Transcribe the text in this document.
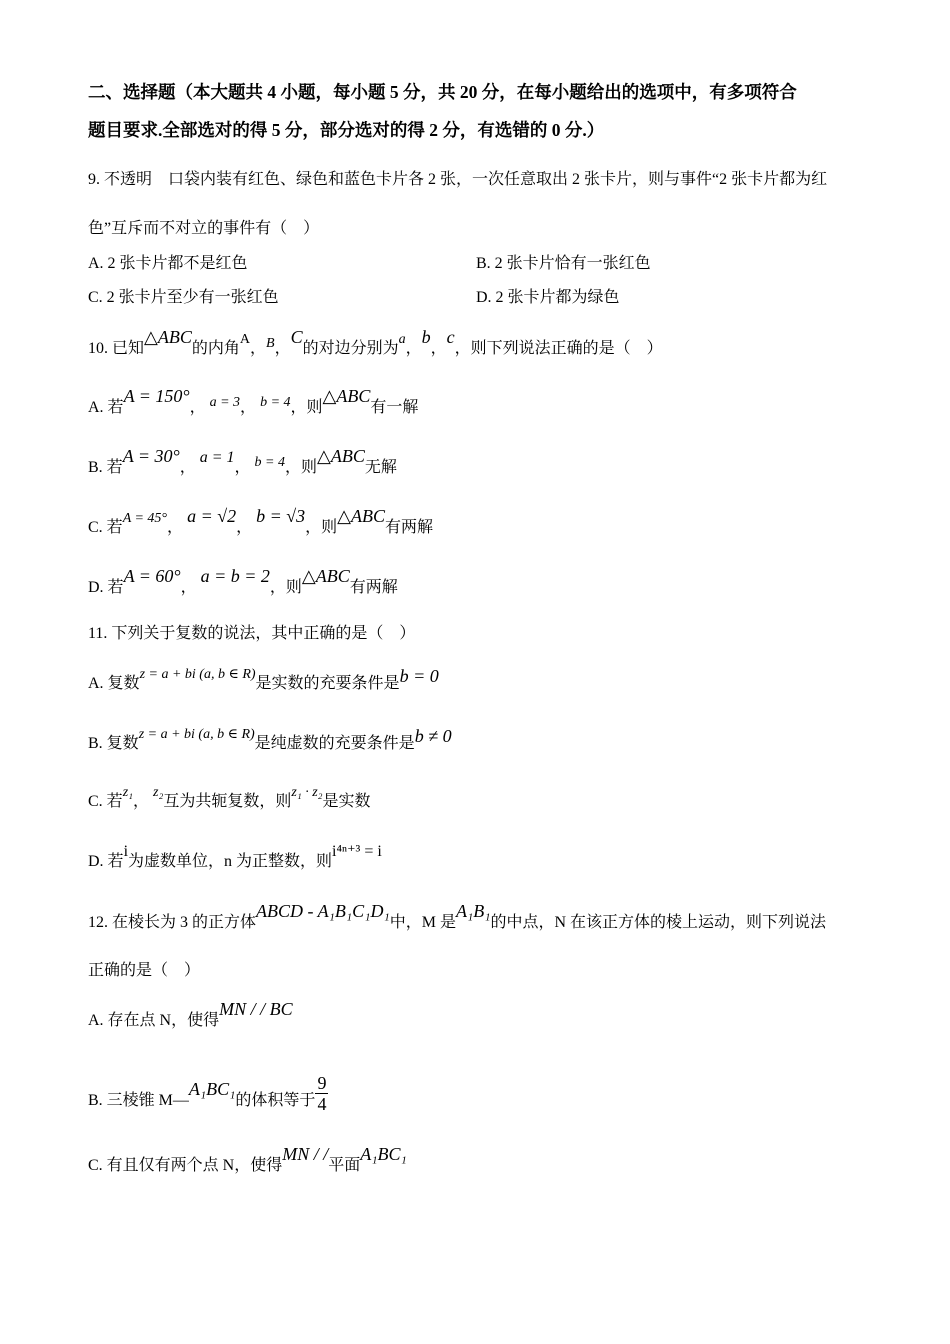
二、选择题（本大题共 4 小题，每小题 5 分，共 20 分，在每小题给出的选项中，有多项符合
题目要求.全部选对的得 5 分，部分选对的得 2 分，有选错的 0 分.）
9. 不透明　口袋内装有红色、绿色和蓝色卡片各 2 张，一次任意取出 2 张卡片，则与事件“2 张卡片都为红
色”互斥而不对立的事件有（　）
A. 2 张卡片都不是红色	B. 2 张卡片恰有一张红色
C. 2 张卡片至少有一张红色	D. 2 张卡片都为绿色
10. 已知△ABC的内角A，B，C的对边分别为a，b，c，则下列说法正确的是（　）
A. 若A = 150°， a = 3， b = 4，则△ABC有一解
B. 若A = 30°， a = 1， b = 4，则△ABC无解
C. 若A = 45°， a = √2， b = √3，则△ABC有两解
D. 若A = 60°， a = b = 2，则△ABC有两解
11. 下列关于复数的说法，其中正确的是（　）
A. 复数z = a + bi (a, b ∈ R)是实数的充要条件是b = 0
B. 复数z = a + bi (a, b ∈ R)是纯虚数的充要条件是b ≠ 0
C. 若z₁， z₂互为共轭复数，则z₁ · z₂是实数
D. 若i为虚数单位，n 为正整数，则i⁴ⁿ⁺³ = i
12. 在棱长为 3 的正方体ABCD - A₁B₁C₁D₁中，M 是A₁B₁的中点，N 在该正方体的棱上运动，则下列说法
正确的是（　）
A. 存在点 N，使得MN / / BC
B. 三棱锥 M—A₁BC₁的体积等于 $\frac{9}{4}$
C. 有且仅有两个点 N，使得MN / /平面A₁BC₁
